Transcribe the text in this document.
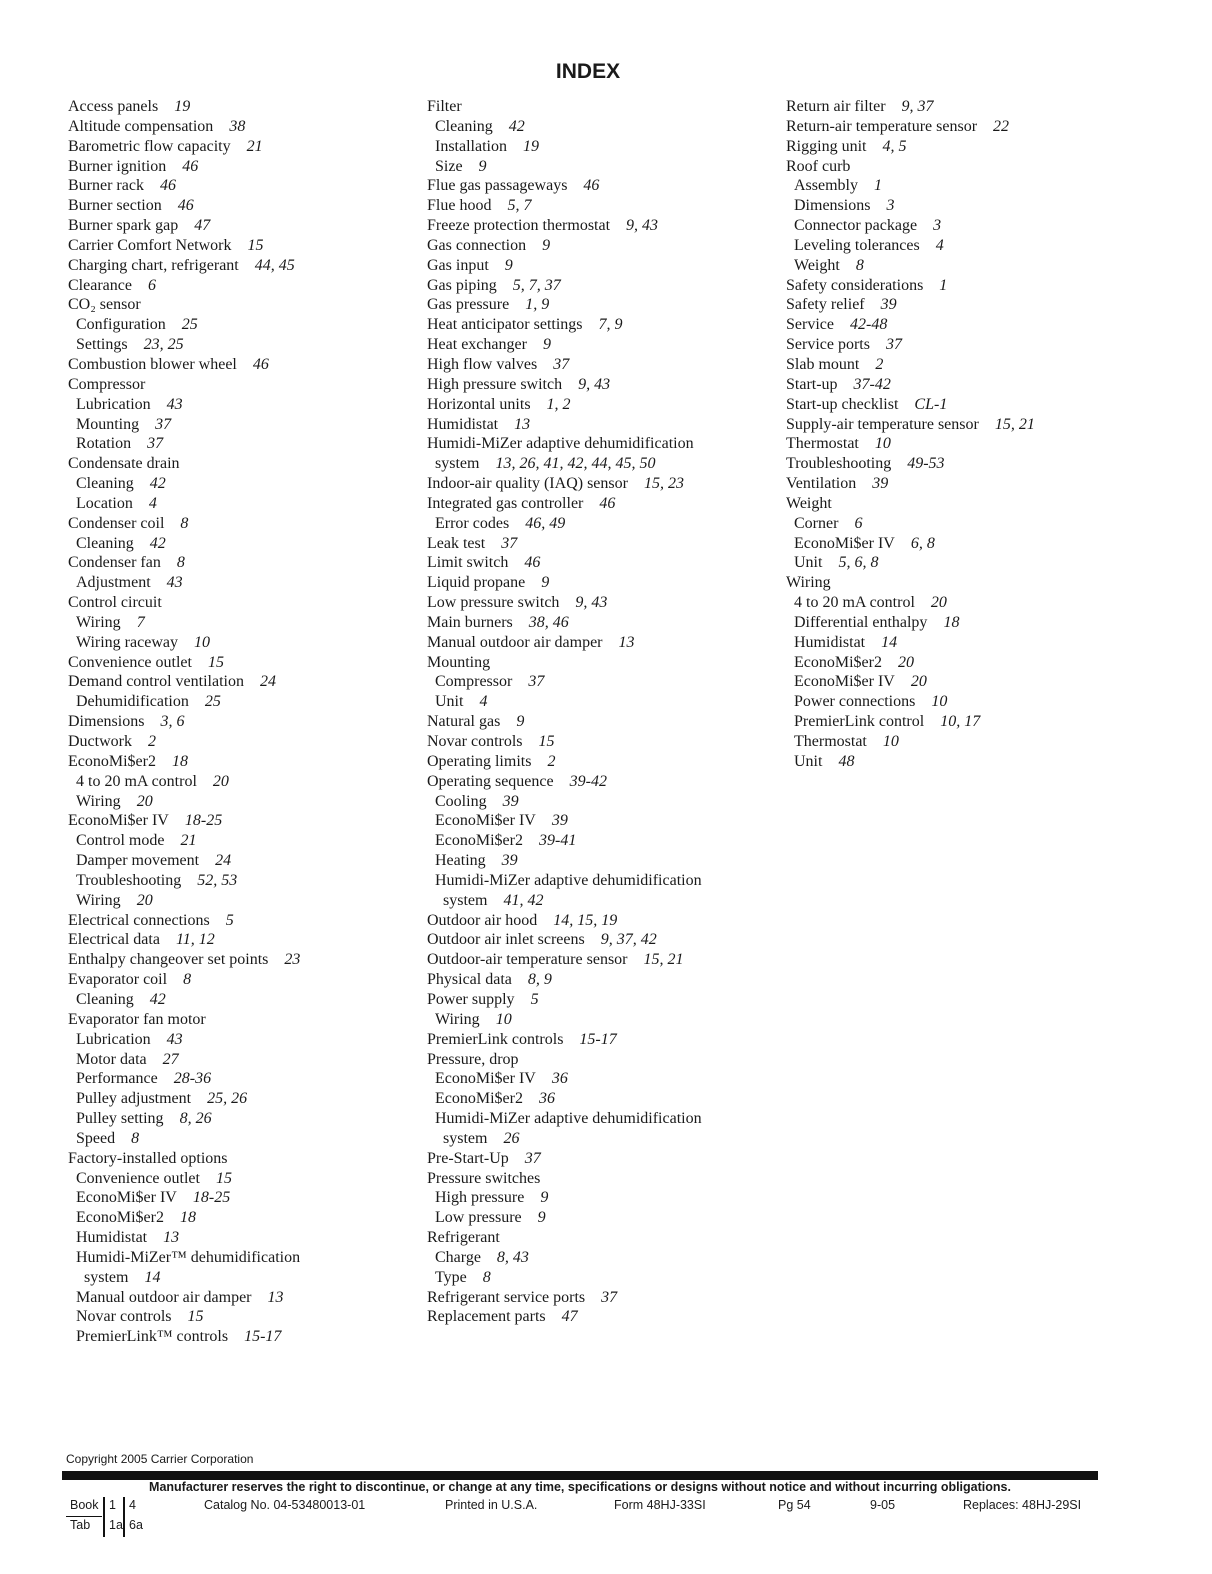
INDEX
Access panels 19
Altitude compensation 38
Barometric flow capacity 21
Burner ignition 46
Burner rack 46
Burner section 46
Burner spark gap 47
Carrier Comfort Network 15
Charging chart, refrigerant 44, 45
Clearance 6
CO₂ sensor
Configuration 25
Settings 23, 25
Combustion blower wheel 46
Compressor
Lubrication 43
Mounting 37
Rotation 37
Condensate drain
Cleaning 42
Location 4
Condenser coil 8
Cleaning 42
Condenser fan 8
Adjustment 43
Control circuit
Wiring 7
Wiring raceway 10
Convenience outlet 15
Demand control ventilation 24
Dehumidification 25
Dimensions 3, 6
Ductwork 2
EconoMi$er2 18
4 to 20 mA control 20
Wiring 20
EconoMi$er IV 18-25
Control mode 21
Damper movement 24
Troubleshooting 52, 53
Wiring 20
Electrical connections 5
Electrical data 11, 12
Enthalpy changeover set points 23
Evaporator coil 8
Cleaning 42
Evaporator fan motor
Lubrication 43
Motor data 27
Performance 28-36
Pulley adjustment 25, 26
Pulley setting 8, 26
Speed 8
Factory-installed options
Convenience outlet 15
EconoMi$er IV 18-25
EconoMi$er2 18
Humidistat 13
Humidi-MiZer™ dehumidification
system 14
Manual outdoor air damper 13
Novar controls 15
PremierLink™ controls 15-17
Filter
Cleaning 42
Installation 19
Size 9
Flue gas passageways 46
Flue hood 5, 7
Freeze protection thermostat 9, 43
Gas connection 9
Gas input 9
Gas piping 5, 7, 37
Gas pressure 1, 9
Heat anticipator settings 7, 9
Heat exchanger 9
High flow valves 37
High pressure switch 9, 43
Horizontal units 1, 2
Humidistat 13
Humidi-MiZer adaptive dehumidification
system 13, 26, 41, 42, 44, 45, 50
Indoor-air quality (IAQ) sensor 15, 23
Integrated gas controller 46
Error codes 46, 49
Leak test 37
Limit switch 46
Liquid propane 9
Low pressure switch 9, 43
Main burners 38, 46
Manual outdoor air damper 13
Mounting
Compressor 37
Unit 4
Natural gas 9
Novar controls 15
Operating limits 2
Operating sequence 39-42
Cooling 39
EconoMi$er IV 39
EconoMi$er2 39-41
Heating 39
Humidi-MiZer adaptive dehumidification
system 41, 42
Outdoor air hood 14, 15, 19
Outdoor air inlet screens 9, 37, 42
Outdoor-air temperature sensor 15, 21
Physical data 8, 9
Power supply 5
Wiring 10
PremierLink controls 15-17
Pressure, drop
EconoMi$er IV 36
EconoMi$er2 36
Humidi-MiZer adaptive dehumidification
system 26
Pre-Start-Up 37
Pressure switches
High pressure 9
Low pressure 9
Refrigerant
Charge 8, 43
Type 8
Refrigerant service ports 37
Replacement parts 47
Return air filter 9, 37
Return-air temperature sensor 22
Rigging unit 4, 5
Roof curb
Assembly 1
Dimensions 3
Connector package 3
Leveling tolerances 4
Weight 8
Safety considerations 1
Safety relief 39
Service 42-48
Service ports 37
Slab mount 2
Start-up 37-42
Start-up checklist CL-1
Supply-air temperature sensor 15, 21
Thermostat 10
Troubleshooting 49-53
Ventilation 39
Weight
Corner 6
EconoMi$er IV 6, 8
Unit 5, 6, 8
Wiring
4 to 20 mA control 20
Differential enthalpy 18
Humidistat 14
EconoMi$er2 20
EconoMi$er IV 20
Power connections 10
PremierLink control 10, 17
Thermostat 10
Unit 48

Copyright 2005 Carrier Corporation

Manufacturer reserves the right to discontinue, or change at any time, specifications or designs without notice and without incurring obligations.

Book 1 4
Tab 1a 6a
Catalog No. 04-53480013-01	Printed in U.S.A.	Form 48HJ-33SI	Pg 54	9-05	Replaces: 48HJ-29SI
